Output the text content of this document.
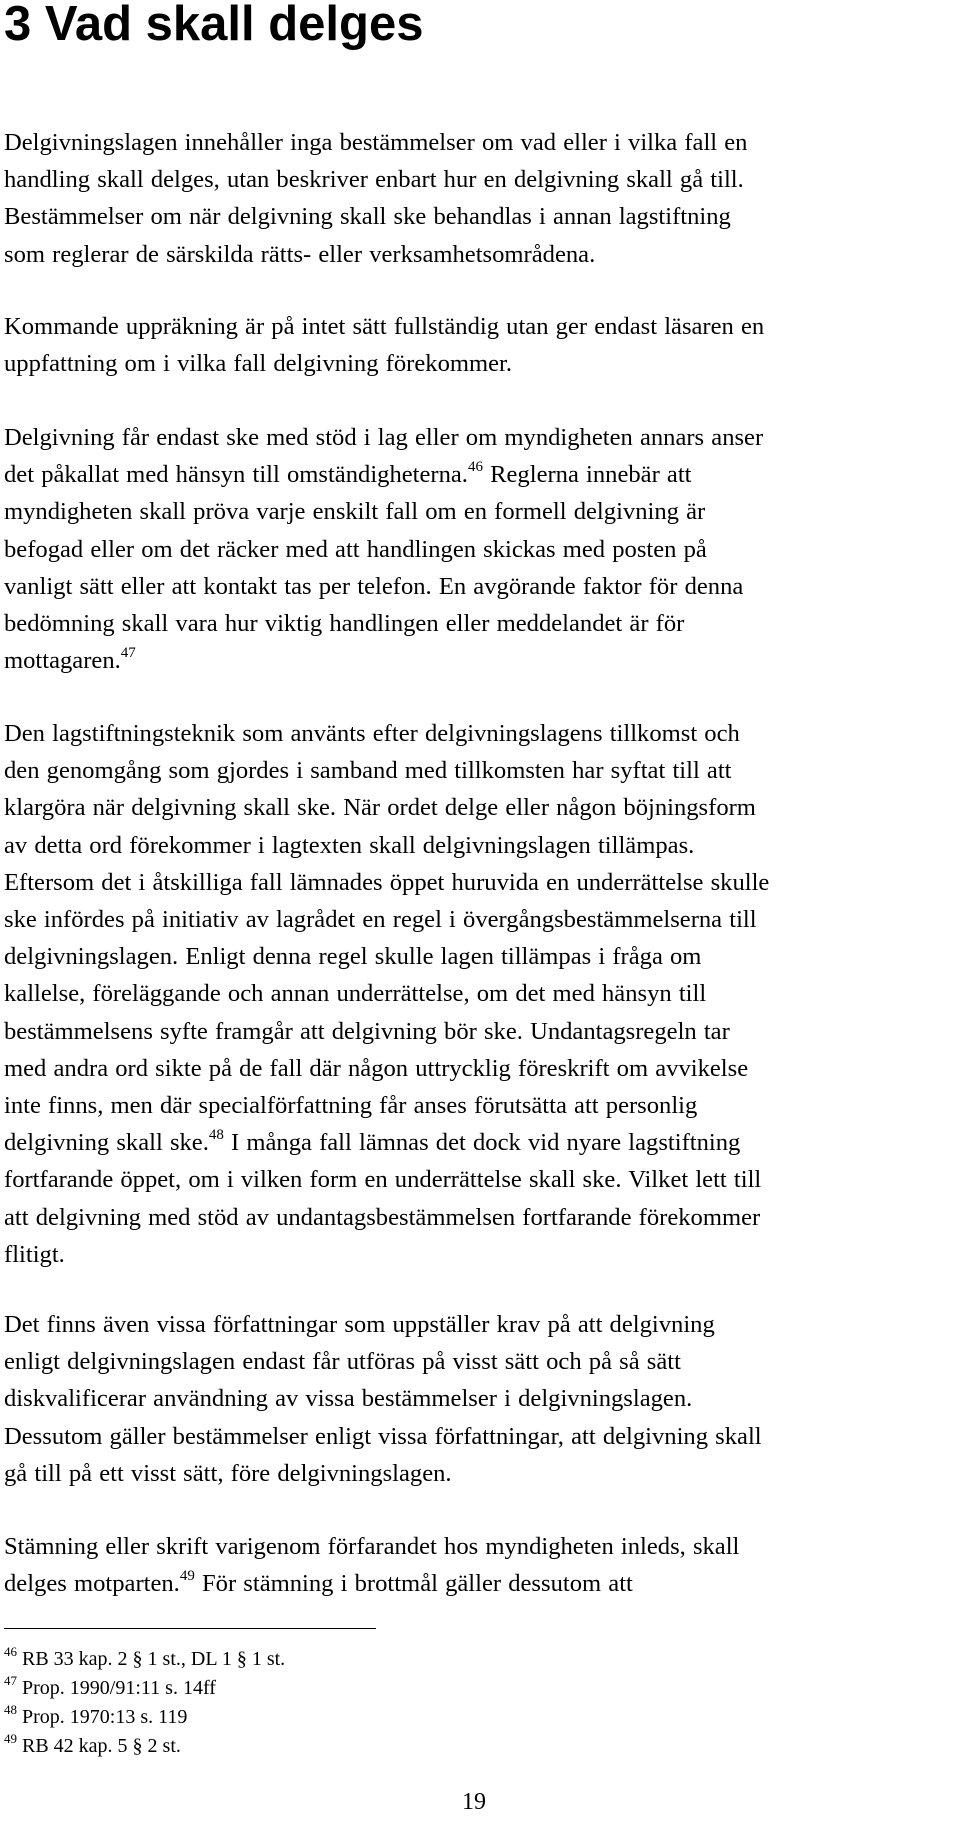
3 Vad skall delges
Delgivningslagen innehåller inga bestämmelser om vad eller i vilka fall en
handling skall delges, utan beskriver enbart hur en delgivning skall gå till.
Bestämmelser om när delgivning skall ske behandlas i annan lagstiftning
som reglerar de särskilda rätts- eller verksamhetsområdena.
Kommande uppräkning är på intet sätt fullständig utan ger endast läsaren en
uppfattning om i vilka fall delgivning förekommer.
Delgivning får endast ske med stöd i lag eller om myndigheten annars anser
det påkallat med hänsyn till omständigheterna.$^{46}$ Reglerna innebär att
myndigheten skall pröva varje enskilt fall om en formell delgivning är
befogad eller om det räcker med att handlingen skickas med posten på
vanligt sätt eller att kontakt tas per telefon. En avgörande faktor för denna
bedömning skall vara hur viktig handlingen eller meddelandet är för
mottagaren.$^{47}$
Den lagstiftningsteknik som använts efter delgivningslagens tillkomst och
den genomgång som gjordes i samband med tillkomsten har syftat till att
klargöra när delgivning skall ske. När ordet delge eller någon böjningsform
av detta ord förekommer i lagtexten skall delgivningslagen tillämpas.
Eftersom det i åtskilliga fall lämnades öppet huruvida en underrättelse skulle
ske infördes på initiativ av lagrådet en regel i övergångsbestämmelserna till
delgivningslagen. Enligt denna regel skulle lagen tillämpas i fråga om
kallelse, föreläggande och annan underrättelse, om det med hänsyn till
bestämmelsens syfte framgår att delgivning bör ske. Undantagsregeln tar
med andra ord sikte på de fall där någon uttrycklig föreskrift om avvikelse
inte finns, men där specialförfattning får anses förutsätta att personlig
delgivning skall ske.$^{48}$ I många fall lämnas det dock vid nyare lagstiftning
fortfarande öppet, om i vilken form en underrättelse skall ske. Vilket lett till
att delgivning med stöd av undantagsbestämmelsen fortfarande förekommer
flitigt.
Det finns även vissa författningar som uppställer krav på att delgivning
enligt delgivningslagen endast får utföras på visst sätt och på så sätt
diskvalificerar användning av vissa bestämmelser i delgivningslagen.
Dessutom gäller bestämmelser enligt vissa författningar, att delgivning skall
gå till på ett visst sätt, före delgivningslagen.
Stämning eller skrift varigenom förfarandet hos myndigheten inleds, skall
delges motparten.$^{49}$ För stämning i brottmål gäller dessutom att
$^{46}$ RB 33 kap. 2 § 1 st., DL 1 § 1 st.
$^{47}$ Prop. 1990/91:11 s. 14ff
$^{48}$ Prop. 1970:13 s. 119
$^{49}$ RB 42 kap. 5 § 2 st.
19
